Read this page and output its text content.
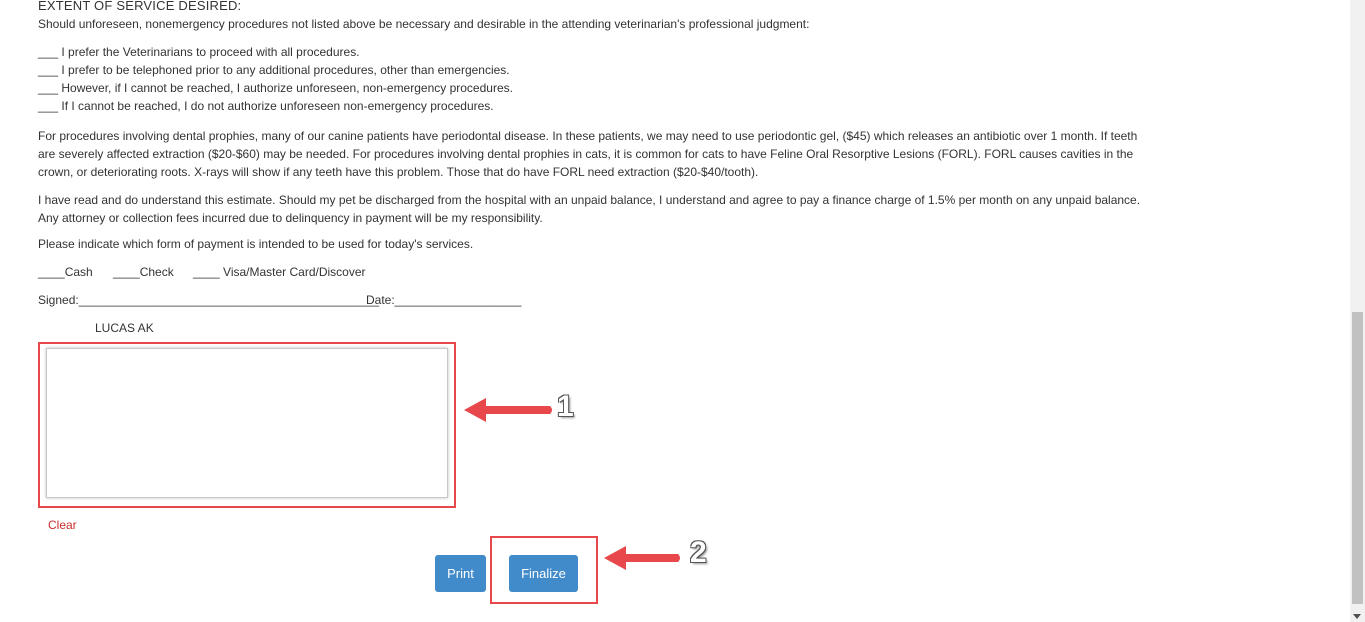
EXTENT OF SERVICE DESIRED:
Should unforeseen, nonemergency procedures not listed above be necessary and desirable in the attending veterinarian's professional judgment:
___ I prefer the Veterinarians to proceed with all procedures.
___ I prefer to be telephoned prior to any additional procedures, other than emergencies.
___ However, if I cannot be reached, I authorize unforeseen, non-emergency procedures.
___ If I cannot be reached, I do not authorize unforeseen non-emergency procedures.
For procedures involving dental prophies, many of our canine patients have periodontal disease. In these patients, we may need to use periodontic gel, ($45) which releases an antibiotic over 1 month. If teeth are severely affected extraction ($20-$60) may be needed. For procedures involving dental prophies in cats, it is common for cats to have Feline Oral Resorptive Lesions (FORL). FORL causes cavities in the crown, or deteriorating roots. X-rays will show if any teeth have this problem. Those that do have FORL need extraction ($20-$40/tooth).
I have read and do understand this estimate. Should my pet be discharged from the hospital with an unpaid balance, I understand and agree to pay a finance charge of 1.5% per month on any unpaid balance. Any attorney or collection fees incurred due to delinquency in payment will be my responsibility.
Please indicate which form of payment is intended to be used for today's services.
____Cash ____Check ____ Visa/Master Card/Discover
Signed:_____________________________________________
Date:___________________
LUCAS AK
Clear
1
Print	Finalize
2
